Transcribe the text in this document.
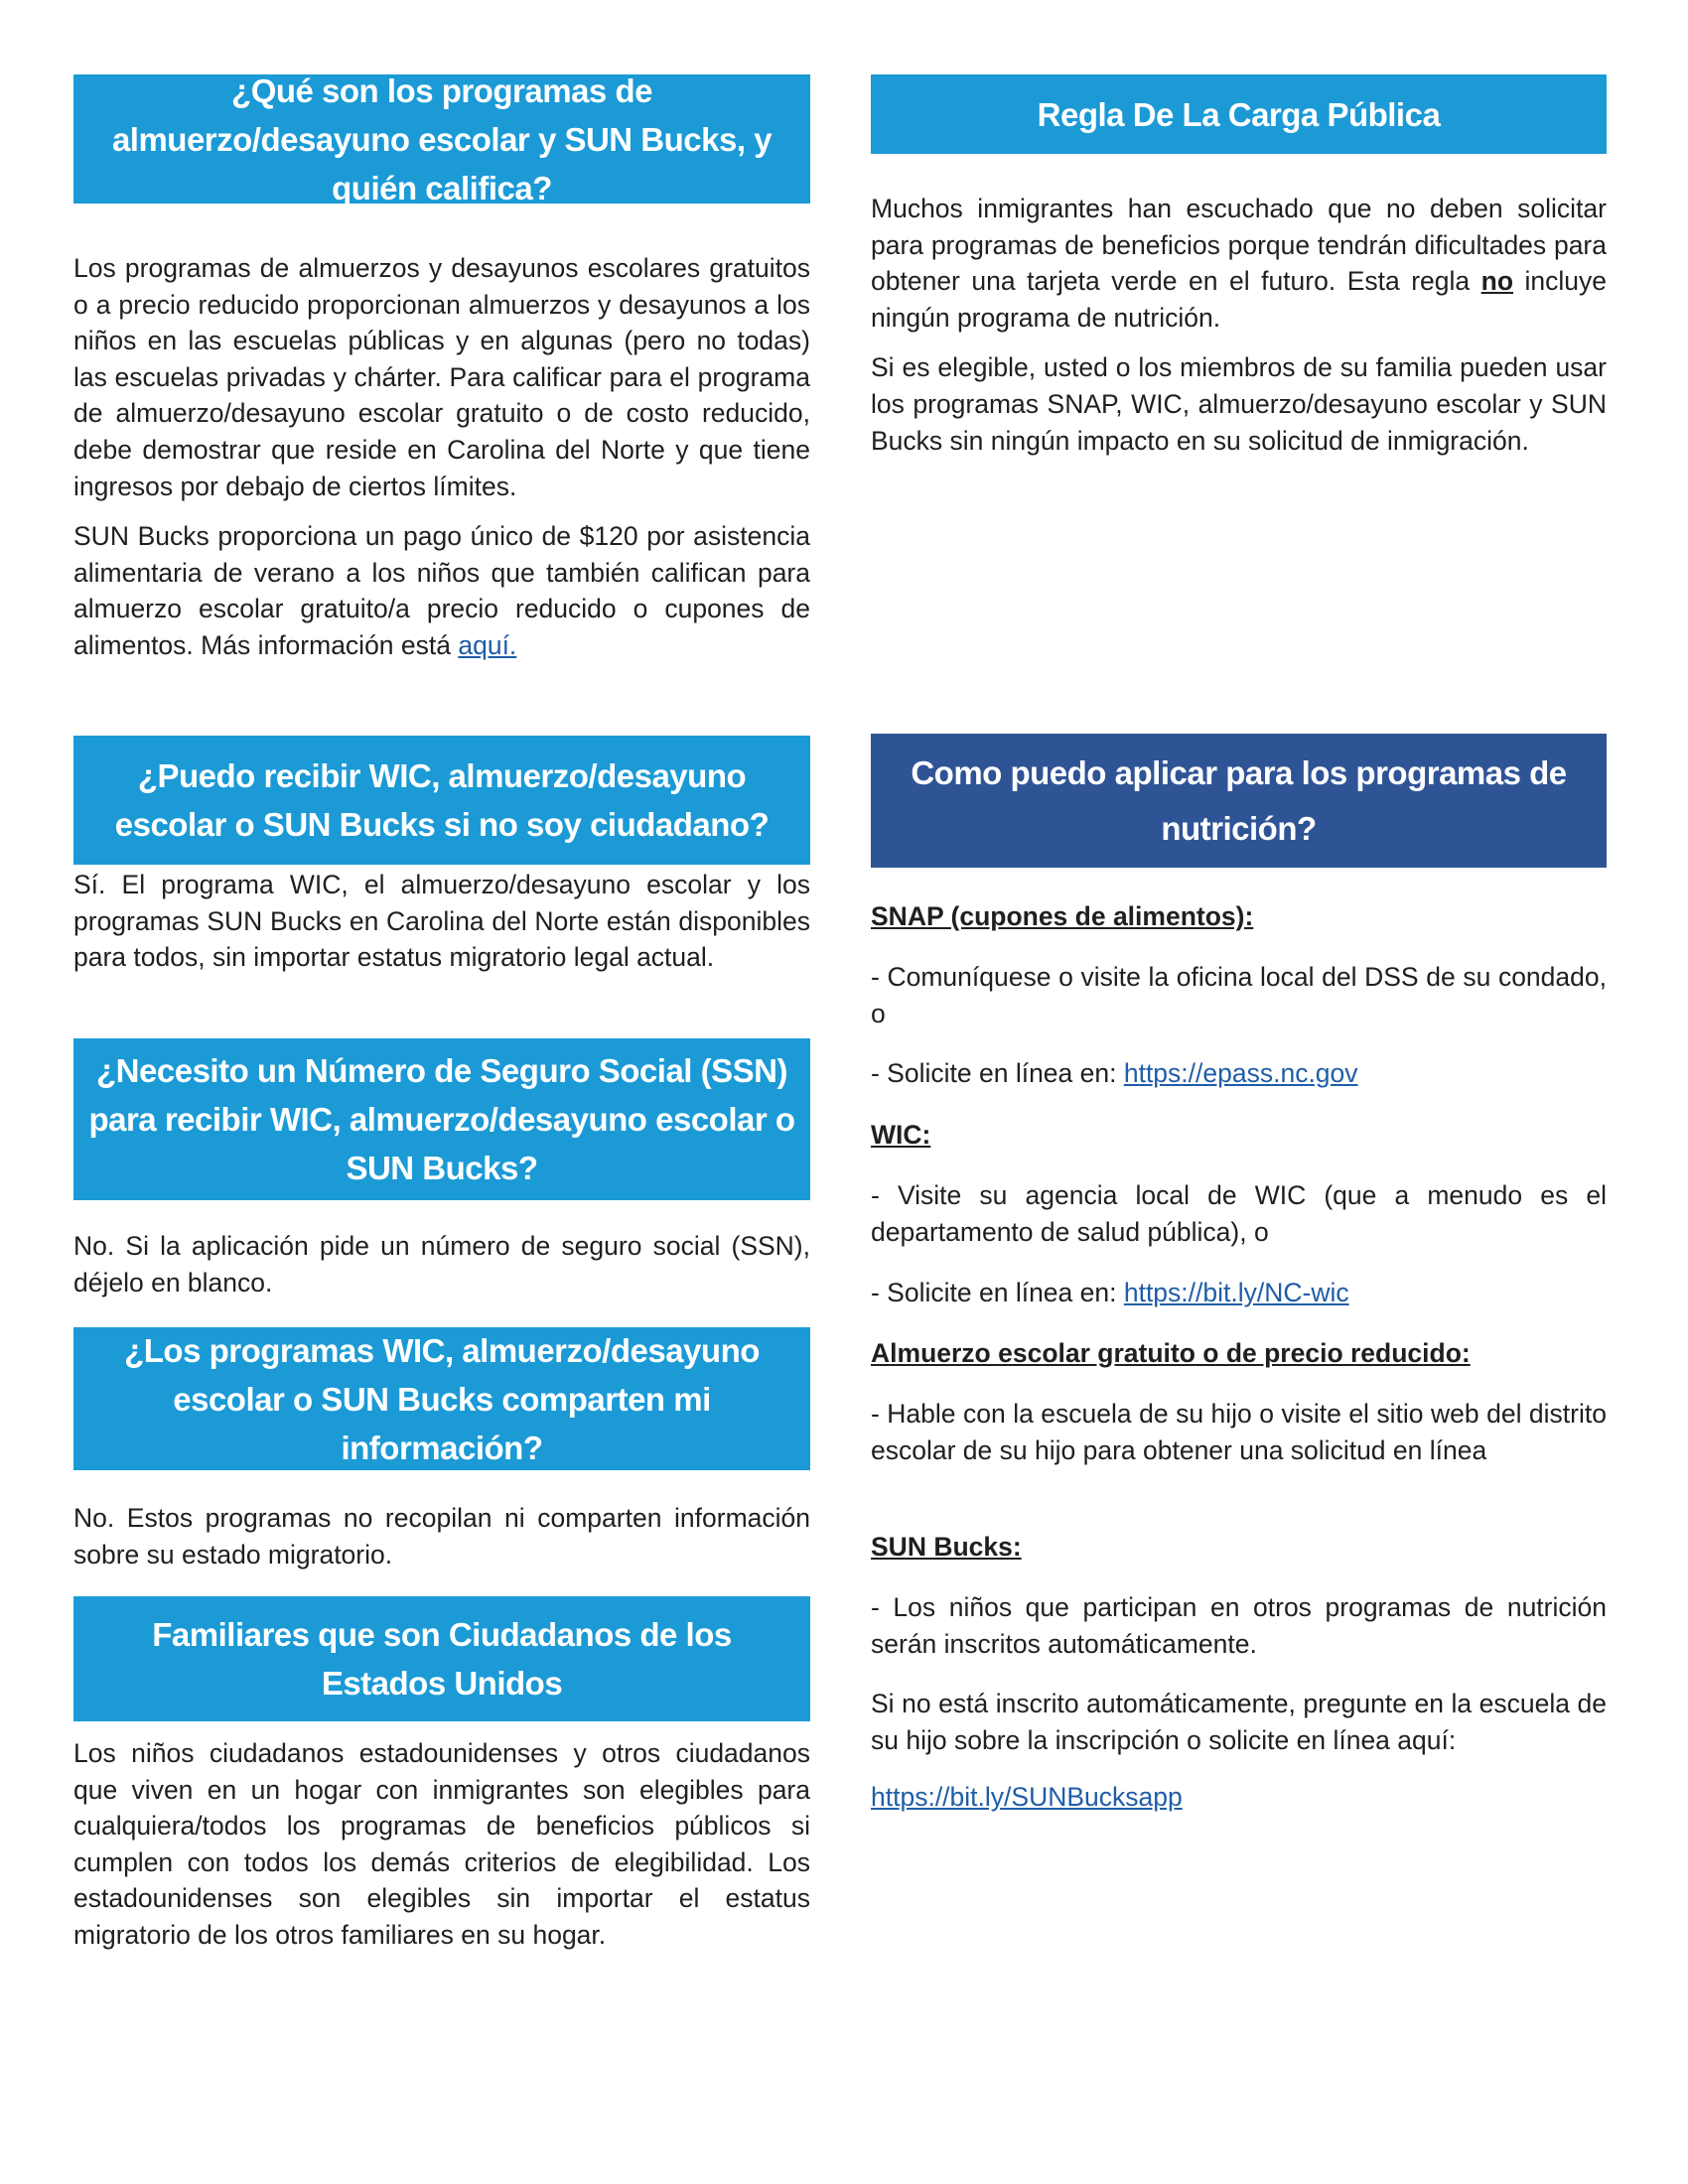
¿Qué son los programas de almuerzo/desayuno escolar y SUN Bucks, y quién califica?

Los programas de almuerzos y desayunos escolares gratuitos o a precio reducido proporcionan almuerzos y desayunos a los niños en las escuelas públicas y en algunas (pero no todas) las escuelas privadas y chárter. Para calificar para el programa de almuerzo/desayuno escolar gratuito o de costo reducido, debe demostrar que reside en Carolina del Norte y que tiene ingresos por debajo de ciertos límites.

SUN Bucks proporciona un pago único de $120 por asistencia alimentaria de verano a los niños que también califican para almuerzo escolar gratuito/a precio reducido o cupones de alimentos. Más información está aquí.

¿Puedo recibir WIC, almuerzo/desayuno escolar o SUN Bucks si no soy ciudadano?

Sí. El programa WIC, el almuerzo/desayuno escolar y los programas SUN Bucks en Carolina del Norte están disponibles para todos, sin importar estatus migratorio legal actual.

¿Necesito un Número de Seguro Social (SSN) para recibir WIC, almuerzo/desayuno escolar o SUN Bucks?

No. Si la aplicación pide un número de seguro social (SSN), déjelo en blanco.

¿Los programas WIC, almuerzo/desayuno escolar o SUN Bucks comparten mi información?

No. Estos programas no recopilan ni comparten información sobre su estado migratorio.

Familiares que son Ciudadanos de los Estados Unidos

Los niños ciudadanos estadounidenses y otros ciudadanos que viven en un hogar con inmigrantes son elegibles para cualquiera/todos los programas de beneficios públicos si cumplen con todos los demás criterios de elegibilidad. Los estadounidenses son elegibles sin importar el estatus migratorio de los otros familiares en su hogar.

Regla De La Carga Pública

Muchos inmigrantes han escuchado que no deben solicitar para programas de beneficios porque tendrán dificultades para obtener una tarjeta verde en el futuro. Esta regla no incluye ningún programa de nutrición.

Si es elegible, usted o los miembros de su familia pueden usar los programas SNAP, WIC, almuerzo/desayuno escolar y SUN Bucks sin ningún impacto en su solicitud de inmigración.

Como puedo aplicar para los programas de nutrición?

SNAP (cupones de alimentos):

- Comuníquese o visite la oficina local del DSS de su condado, o
- Solicite en línea en: https://epass.nc.gov

WIC:

- Visite su agencia local de WIC (que a menudo es el departamento de salud pública), o
- Solicite en línea en: https://bit.ly/NC-wic

Almuerzo escolar gratuito o de precio reducido:

- Hable con la escuela de su hijo o visite el sitio web del distrito escolar de su hijo para obtener una solicitud en línea

SUN Bucks:

- Los niños que participan en otros programas de nutrición serán inscritos automáticamente.
Si no está inscrito automáticamente, pregunte en la escuela de su hijo sobre la inscripción o solicite en línea aquí:
https://bit.ly/SUNBucksapp
